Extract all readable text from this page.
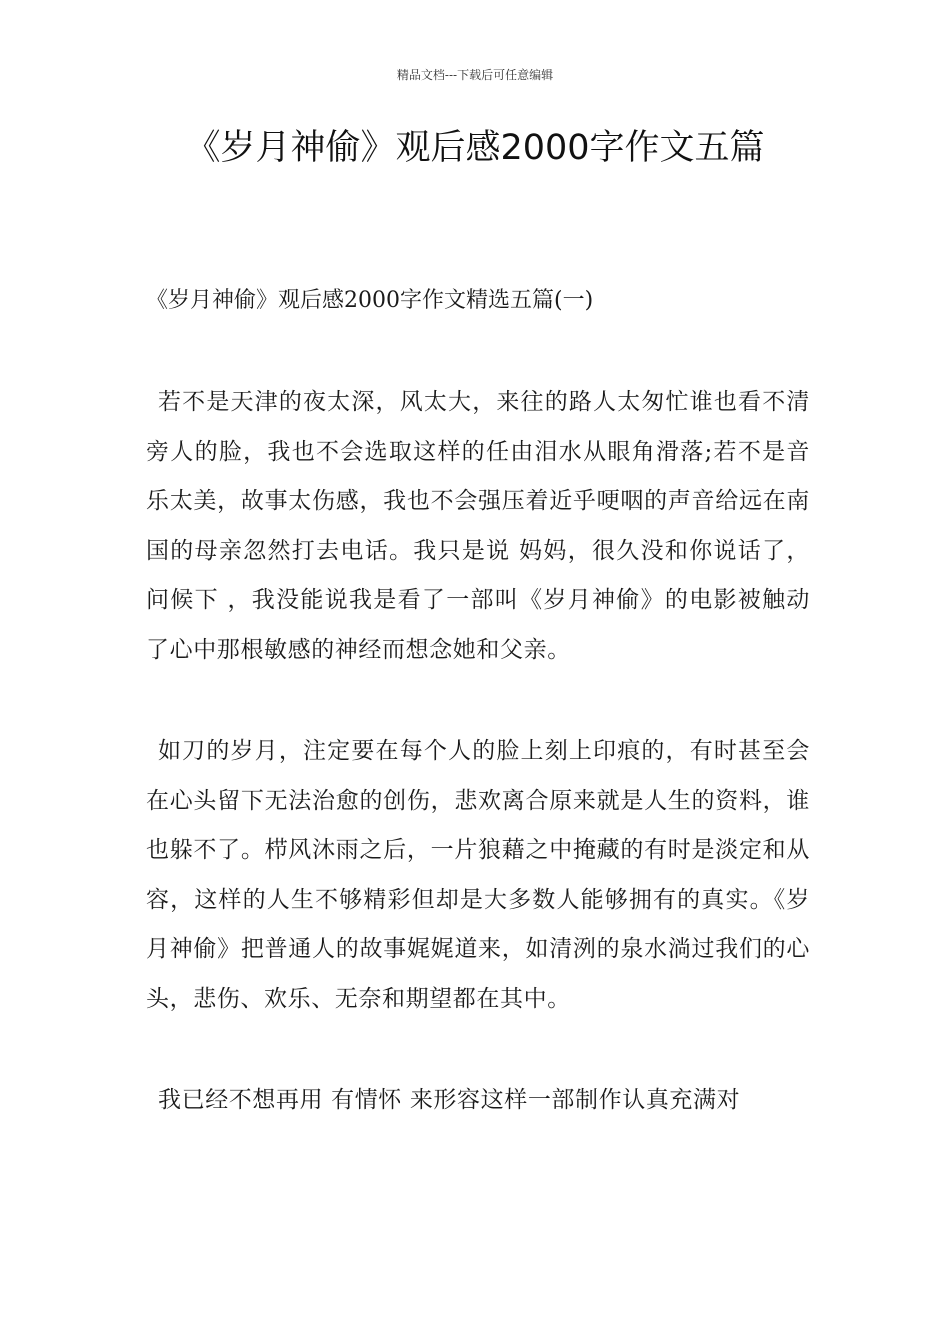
精品文档---下载后可任意编辑
《岁月神偷》观后感2000字作文五篇

《岁月神偷》观后感2000字作文精选五篇(一)

若不是天津的夜太深，风太大，来往的路人太匆忙谁也看不清旁人的脸，我也不会选取这样的任由泪水从眼角滑落;若不是音乐太美，故事太伤感，我也不会强压着近乎哽咽的声音给远在南国的母亲忽然打去电话。我只是说 妈妈，很久没和你说话了，问候下 ，我没能说我是看了一部叫《岁月神偷》的电影被触动了心中那根敏感的神经而想念她和父亲。

如刀的岁月，注定要在每个人的脸上刻上印痕的，有时甚至会在心头留下无法治愈的创伤，悲欢离合原来就是人生的资料，谁也躲不了。栉风沐雨之后，一片狼藉之中掩藏的有时是淡定和从容，这样的人生不够精彩但却是大多数人能够拥有的真实。《岁月神偷》把普通人的故事娓娓道来，如清洌的泉水淌过我们的心头，悲伤、欢乐、无奈和期望都在其中。

我已经不想再用 有情怀 来形容这样一部制作认真充满对
